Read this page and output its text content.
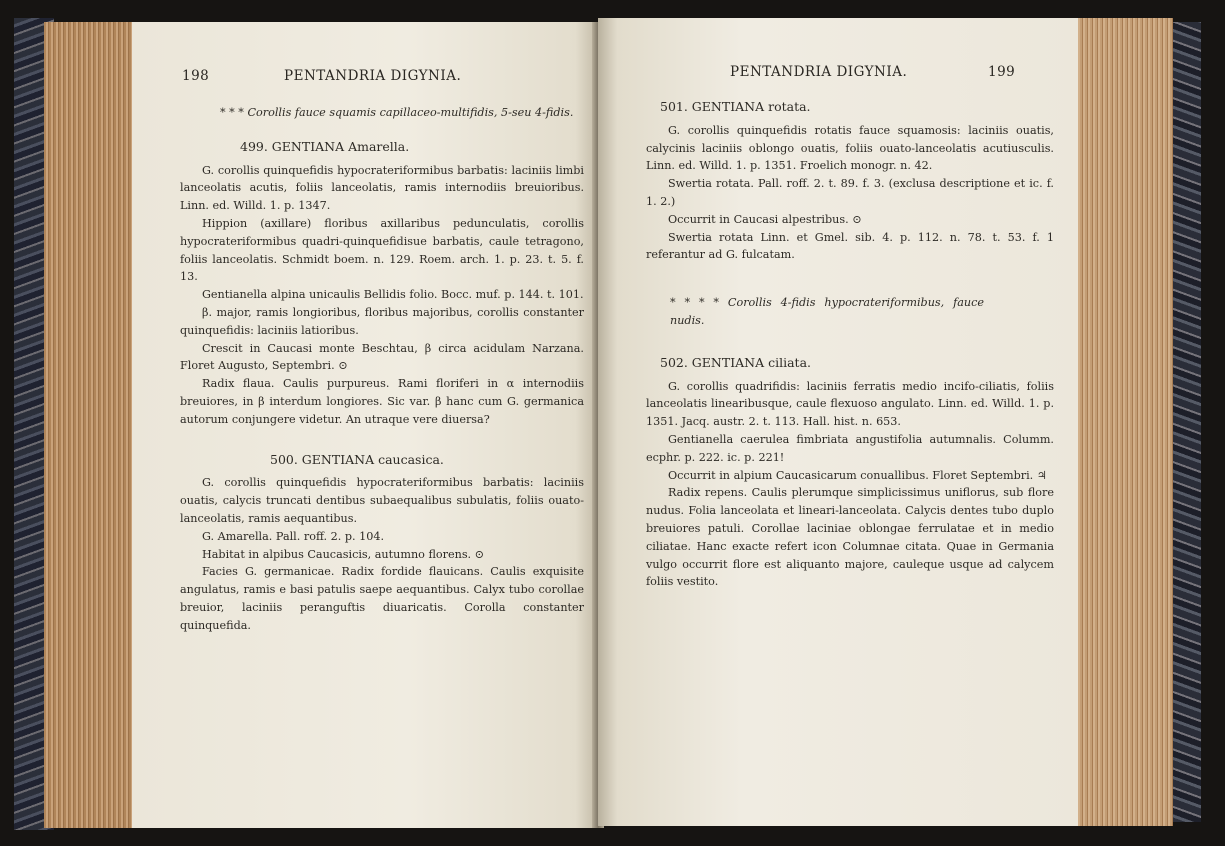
198	PENTANDRIA DIGYNIA.

* * * Corollis fauce squamis capillaceo-multifidis, 5-seu 4-fidis.

499. GENTIANA Amarella.

G. corollis quinquefidis hypocrateriformibus barbatis: laciniis limbi lanceolatis acutis, foliis lanceolatis, ramis internodiis breuioribus. Linn. ed. Willd. 1. p. 1347.

Hippion (axillare) floribus axillaribus pedunculatis, corollis hypocrateriformibus quadri-quinquefidisue barbatis, caule tetragono, foliis lanceolatis. Schmidt boem. n. 129. Roem. arch. 1. p. 23. t. 5. f. 13.

Gentianella alpina unicaulis Bellidis folio. Bocc. muf. p. 144. t. 101.

β. major, ramis longioribus, floribus majoribus, corollis constanter quinquefidis: laciniis latioribus.

Crescit in Caucasi monte Beschtau, β circa acidulam Narzana. Floret Augusto, Septembri. ⊙

Radix flaua. Caulis purpureus. Rami floriferi in α internodiis breuiores, in β interdum longiores. Sic var. β hanc cum G. germanica autorum conjungere videtur. An utraque vere diuersa?

500. GENTIANA caucasica.

G. corollis quinquefidis hypocrateriformibus barbatis: laciniis ouatis, calycis truncati dentibus subaequalibus subulatis, foliis ouato-lanceolatis, ramis aequantibus.

G. Amarella. Pall. roff. 2. p. 104.

Habitat in alpibus Caucasicis, autumno florens. ⊙

Facies G. germanicae. Radix fordide flauicans. Caulis exquisite angulatus, ramis e basi patulis saepe aequantibus. Calyx tubo corollae breuior, laciniis peranguftis diuaricatis. Corolla constanter quinquefida.

PENTANDRIA DIGYNIA.	199

501. GENTIANA rotata.

G. corollis quinquefidis rotatis fauce squamosis: laciniis ouatis, calycinis laciniis oblongo ouatis, foliis ouato-lanceolatis acutiusculis. Linn. ed. Willd. 1. p. 1351. Froelich monogr. n. 42.

Swertia rotata. Pall. roff. 2. t. 89. f. 3. (exclusa descriptione et ic. f. 1. 2.)

Occurrit in Caucasi alpestribus. ⊙

Swertia rotata Linn. et Gmel. sib. 4. p. 112. n. 78. t. 53. f. 1 referantur ad G. fulcatam.

* * * * Corollis 4-fidis hypocrateriformibus, fauce nudis.

502. GENTIANA ciliata.

G. corollis quadrifidis: laciniis ferratis medio incifo-ciliatis, foliis lanceolatis linearibusque, caule flexuoso angulato. Linn. ed. Willd. 1. p. 1351. Jacq. austr. 2. t. 113. Hall. hist. n. 653.

Gentianella caerulea fimbriata angustifolia autumnalis. Columm. ecphr. p. 222. ic. p. 221!

Occurrit in alpium Caucasicarum conuallibus. Floret Septembri. ♃

Radix repens. Caulis plerumque simplicissimus uniflorus, sub flore nudus. Folia lanceolata et lineari-lanceolata. Calycis dentes tubo duplo breuiores patuli. Corollae laciniae oblongae ferrulatae et in medio ciliatae. Hanc exacte refert icon Columnae citata. Quae in Germania vulgo occurrit flore est aliquanto majore, cauleque usque ad calycem foliis vestito.
